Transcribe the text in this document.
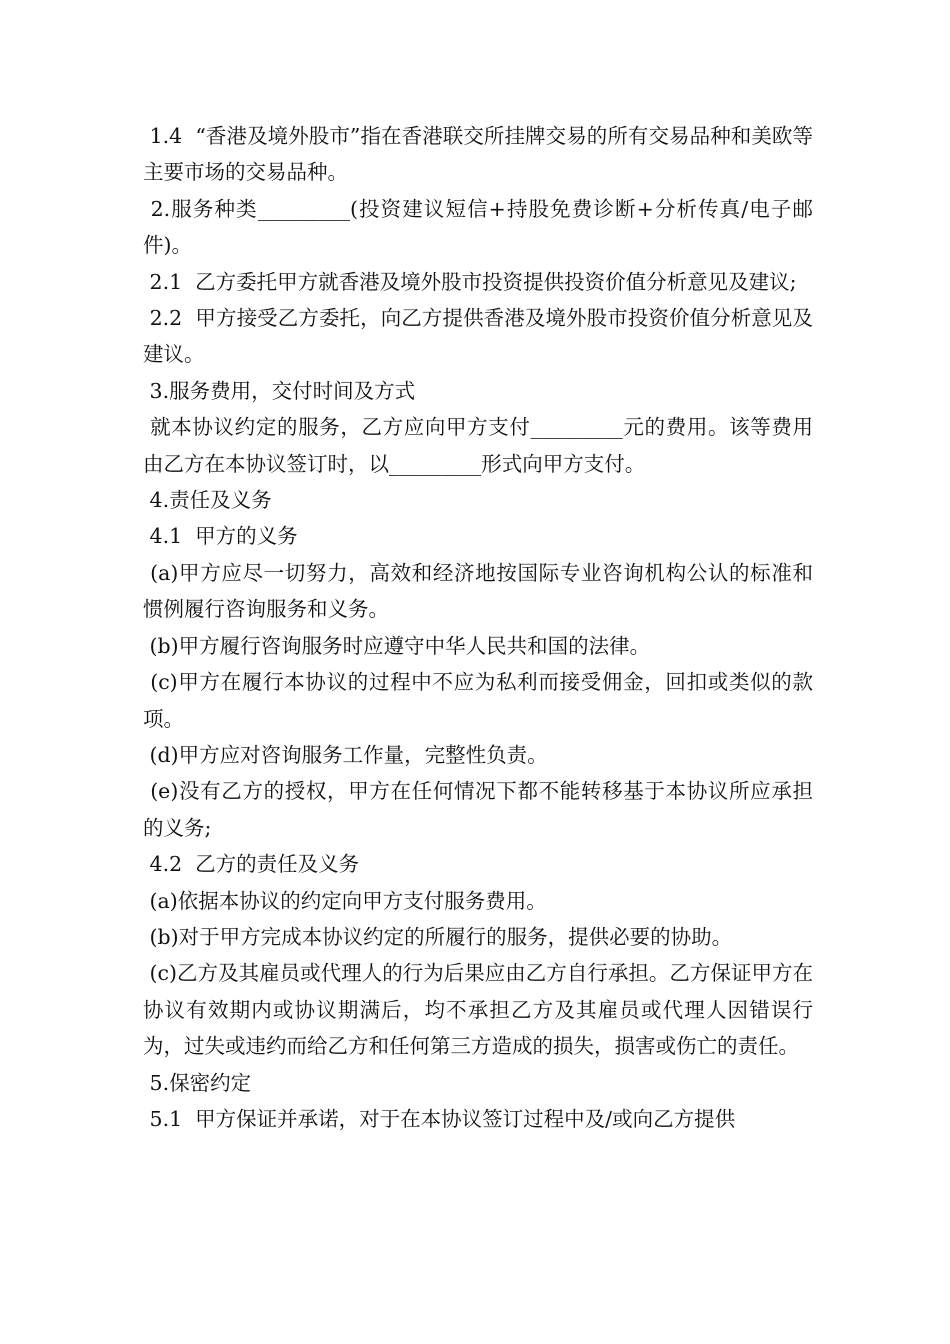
1.4  “香港及境外股市”指在香港联交所挂牌交易的所有交易品种和美欧等主要市场的交易品种。

2.服务种类_________(投资建议短信+持股免费诊断+分析传真/电子邮件)。

2.1  乙方委托甲方就香港及境外股市投资提供投资价值分析意见及建议;

2.2  甲方接受乙方委托，向乙方提供香港及境外股市投资价值分析意见及建议。

3.服务费用，交付时间及方式

就本协议约定的服务，乙方应向甲方支付_________元的费用。该等费用由乙方在本协议签订时，以_________形式向甲方支付。

4.责任及义务

4.1  甲方的义务

(a)甲方应尽一切努力，高效和经济地按国际专业咨询机构公认的标准和惯例履行咨询服务和义务。

(b)甲方履行咨询服务时应遵守中华人民共和国的法律。

(c)甲方在履行本协议的过程中不应为私利而接受佣金，回扣或类似的款项。

(d)甲方应对咨询服务工作量，完整性负责。

(e)没有乙方的授权，甲方在任何情况下都不能转移基于本协议所应承担的义务;

4.2  乙方的责任及义务

(a)依据本协议的约定向甲方支付服务费用。

(b)对于甲方完成本协议约定的所履行的服务，提供必要的协助。

(c)乙方及其雇员或代理人的行为后果应由乙方自行承担。乙方保证甲方在协议有效期内或协议期满后，均不承担乙方及其雇员或代理人因错误行为，过失或违约而给乙方和任何第三方造成的损失，损害或伤亡的责任。

5.保密约定

5.1  甲方保证并承诺，对于在本协议签订过程中及/或向乙方提供
